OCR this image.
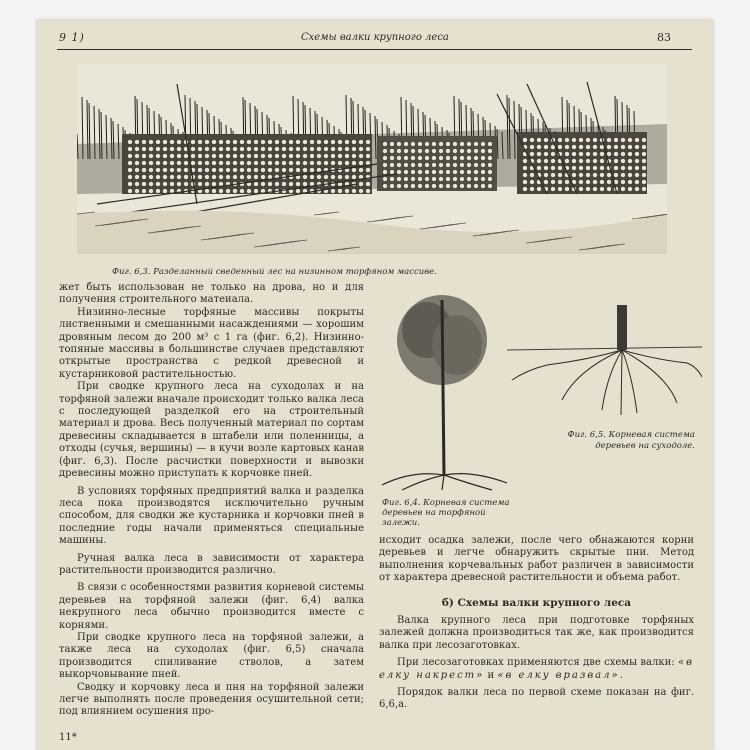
9 1)	Схемы валки крупного леса	83
Фиг. 6,3. Разделанный сведенный лес на низинном торфяном массиве.
Фиг. 6,4. Корневая система деревьев на торфяной залежи.
Фиг. 6,5. Корневая система деревьев на суходоле.

жет быть использован не только на дрова, но и для получения строительного матеиала.

Низинно-лесные торфяные массивы покрыты лиственными и смешанными насаждениями — хорошим дровяным лесом до 200 м³ с 1 га (фиг. 6,2). Низинно-топяные массивы в большинстве случаев представляют открытые пространства с редкой древесной и кустарниковой растительностью.

При сводке крупного леса на суходолах и на торфяной залежи вначале происходит только валка леса с последующей разделкой его на строительный материал и дрова. Весь полученный материал по сортам древесины складывается в штабели или поленницы, а отходы (сучья, вершины) — в кучи возле картовых канав (фиг. 6,3). После расчистки поверхности и вывозки древесины можно приступать к корчовке пней.

В условиях торфяных предприятий валка и разделка леса пока производятся исключительно ручным способом, для сводки же кустарника и корчовки пней в последние годы начали применяться специальные машины.

Ручная валка леса в зависимости от характера растительности производится различно.

В связи с особенностями развития корневой системы деревьев на торфяной залежи (фиг. 6,4) валка некрупного леса обычно производится вместе с корнями.

При сводке крупного леса на торфяной залежи, а также леса на суходолах (фиг. 6,5) сначала производится спиливание стволов, а затем выкорчовывание пней.

Сводку и корчовку леса и пня на торфяной залежи легче выполнять после проведения осушительной сети; под влиянием осушения про-

исходит осадка залежи, после чего обнажаются корни деревьев и легче обнаружить скрытые пни. Метод выполнения корчевальных работ различен в зависимости от характера древесной растительности и объема работ.

б) Схемы валки крупного леса

Валка крупного леса при подготовке торфяных залежей должна производиться так же, как производится валка при лесозаготовках.

При лесозаготовках применяются две схемы валки: «в елку накрест» и «в елку вразвал».

Порядок валки леса по первой схеме показан на фиг. 6,6,а.

11*
